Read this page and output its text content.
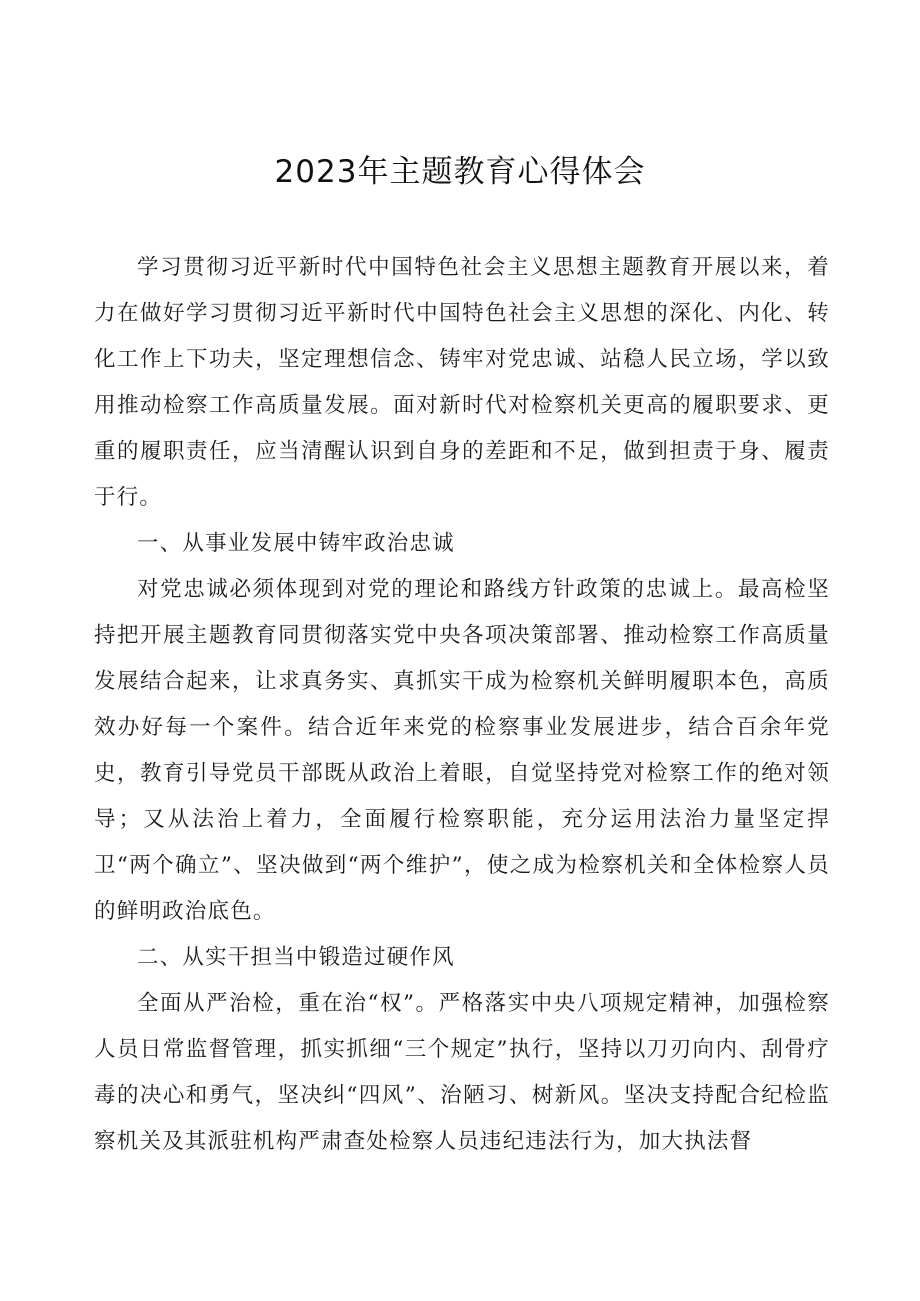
2023年主题教育心得体会

学习贯彻习近平新时代中国特色社会主义思想主题教育开展以来，着力在做好学习贯彻习近平新时代中国特色社会主义思想的深化、内化、转化工作上下功夫，坚定理想信念、铸牢对党忠诚、站稳人民立场，学以致用推动检察工作高质量发展。面对新时代对检察机关更高的履职要求、更重的履职责任，应当清醒认识到自身的差距和不足，做到担责于身、履责于行。

一、从事业发展中铸牢政治忠诚

对党忠诚必须体现到对党的理论和路线方针政策的忠诚上。最高检坚持把开展主题教育同贯彻落实党中央各项决策部署、推动检察工作高质量发展结合起来，让求真务实、真抓实干成为检察机关鲜明履职本色，高质效办好每一个案件。结合近年来党的检察事业发展进步，结合百余年党史，教育引导党员干部既从政治上着眼，自觉坚持党对检察工作的绝对领导；又从法治上着力，全面履行检察职能，充分运用法治力量坚定捍卫“两个确立”、坚决做到“两个维护”，使之成为检察机关和全体检察人员的鲜明政治底色。

二、从实干担当中锻造过硬作风

全面从严治检，重在治“权”。严格落实中央八项规定精神，加强检察人员日常监督管理，抓实抓细“三个规定”执行，坚持以刀刃向内、刮骨疗毒的决心和勇气，坚决纠“四风”、治陋习、树新风。坚决支持配合纪检监察机关及其派驻机构严肃查处检察人员违纪违法行为，加大执法督
